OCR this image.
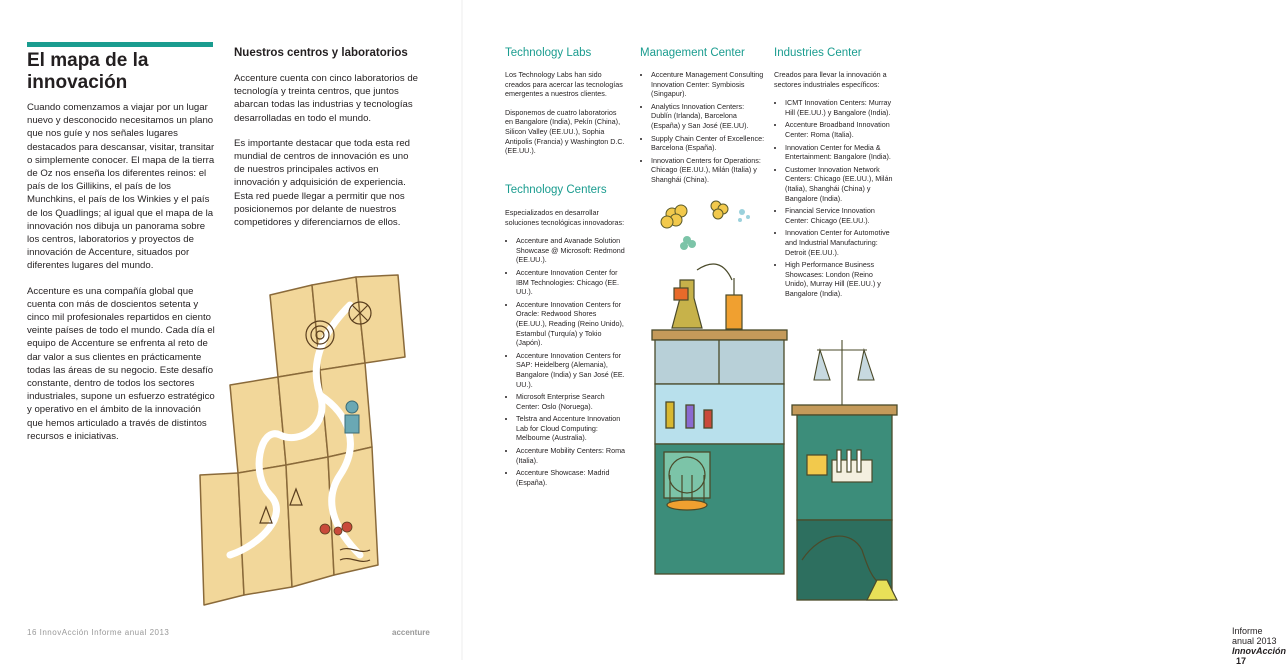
El mapa de la innovación

Cuando comenzamos a viajar por un lugar nuevo y desconocido necesitamos un plano que nos guíe y nos señales lugares destacados para descansar, visitar, transitar o simplemente conocer. El mapa de la tierra de Oz nos enseña los diferentes reinos: el país de los Gillikins, el país de los Munchkins, el país de los Winkies y el país de los Quadlings; al igual que el mapa de la innovación nos dibuja un panorama sobre los centros, laboratorios y proyectos de innovación de Accenture, situados por diferentes lugares del mundo.

Accenture es una compañía global que cuenta con más de doscientos setenta y cinco mil profesionales repartidos en ciento veinte países de todo el mundo. Cada día el equipo de Accenture se enfrenta al reto de dar valor a sus clientes en prácticamente todas las áreas de su negocio. Este desafío constante, dentro de todos los sectores industriales, supone un esfuerzo estratégico y operativo en el ámbito de la innovación que hemos articulado a través de distintos recursos e iniciativas.

Nuestros centros y laboratorios

Accenture cuenta con cinco laboratorios de tecnología y treinta centros, que juntos abarcan todas las industrias y tecnologías desarrolladas en todo el mundo.

Es importante destacar que toda esta red mundial de centros de innovación es uno de nuestros principales activos en innovación y adquisición de experiencia. Esta red puede llegar a permitir que nos posicionemos por delante de nuestros competidores y diferenciarnos de ellos.

16 InnovAcción Informe anual 2013	accenture
Technology Labs

Los Technology Labs han sido creados para acercar las tecnologías emergentes a nuestros clientes.

Disponemos de cuatro laboratorios en Bangalore (India), Pekín (China), Silicon Valley (EE.UU.), Sophia Antipolis (Francia) y Washington D.C. (EE.UU.).

Technology Centers

Especializados en desarrollar soluciones tecnológicas innovadoras:

• Accenture and Avanade Solution Showcase @ Microsoft: Redmond (EE.UU.).
• Accenture Innovation Center for IBM Technologies: Chicago (EE. UU.).
• Accenture Innovation Centers for Oracle: Redwood Shores (EE.UU.), Reading (Reino Unido), Estambul (Turquía) y Tokio (Japón).
• Accenture Innovation Centers for SAP: Heidelberg (Alemania), Bangalore (India) y San José (EE. UU.).
• Microsoft Enterprise Search Center: Oslo (Noruega).
• Telstra and Accenture Innovation Lab for Cloud Computing: Melbourne (Australia).
• Accenture Mobility Centers: Roma (Italia).
• Accenture Showcase: Madrid (España).
Management Center
• Accenture Management Consulting Innovation Center: Symbiosis (Singapur).
• Analytics Innovation Centers: Dublín (Irlanda), Barcelona (España) y San José (EE.UU).
• Supply Chain Center of Excellence: Barcelona (España).
• Innovation Centers for Operations: Chicago (EE.UU.), Milán (Italia) y Shanghái (China).
Industries Center

Creados para llevar la innovación a sectores industriales específicos:

• ICMT Innovation Centers: Murray Hill (EE.UU.) y Bangalore (India).
• Accenture Broadband Innovation Center: Roma (Italia).
• Innovation Center for Media & Entertainment: Bangalore (India).
• Customer Innovation Network Centers: Chicago (EE.UU.), Milán (Italia), Shanghái (China) y Bangalore (India).
• Financial Service Innovation Center: Chicago (EE.UU.).
• Innovation Center for Automotive and Industrial Manufacturing: Detroit (EE.UU.).
• High Performance Business Showcases: London (Reino Unido), Murray Hill (EE.UU.) y Bangalore (India).
Informe anual 2013 InnovAcción 17
